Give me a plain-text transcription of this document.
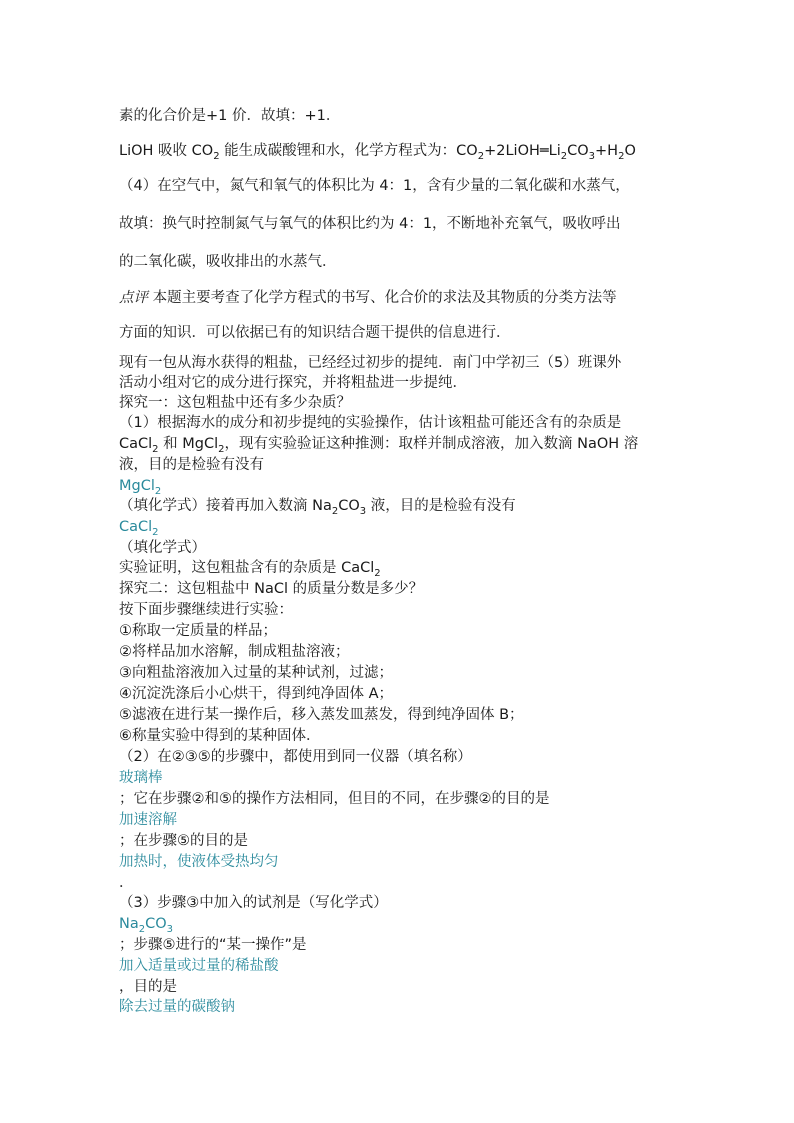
素的化合价是+1 价．故填：+1．
LiOH 吸收 $CO_2$ 能生成碳酸锂和水，化学方程式为：$CO_2+2LiOH═Li_2CO_3+H_2O$
（4）在空气中，氮气和氧气的体积比为 4：1，含有少量的二氧化碳和水蒸气，
故填：换气时控制氮气与氧气的体积比约为 4：1，不断地补充氧气，吸收呼出
的二氧化碳，吸收排出的水蒸气．
点评 本题主要考查了化学方程式的书写、化合价的求法及其物质的分类方法等
方面的知识．可以依据已有的知识结合题干提供的信息进行．
现有一包从海水获得的粗盐，已经经过初步的提纯．南门中学初三（5）班课外
活动小组对它的成分进行探究，并将粗盐进一步提纯．
探究一：这包粗盐中还有多少杂质？
（1）根据海水的成分和初步提纯的实验操作，估计该粗盐可能还含有的杂质是
CaCl$_2$ 和 MgCl$_2$，现有实验验证这种推测：取样并制成溶液，加入数滴 NaOH 溶
液，目的是检验有没有
MgCl$_2$
（填化学式）接着再加入数滴 $Na_2CO_3$ 液，目的是检验有没有
CaCl$_2$
（填化学式）
实验证明，这包粗盐含有的杂质是 CaCl$_2$
探究二：这包粗盐中 NaCl 的质量分数是多少？
按下面步骤继续进行实验：
①称取一定质量的样品；
②将样品加水溶解，制成粗盐溶液；
③向粗盐溶液加入过量的某种试剂，过滤；
④沉淀洗涤后小心烘干，得到纯净固体 A；
⑤滤液在进行某一操作后，移入蒸发皿蒸发，得到纯净固体 B；
⑥称量实验中得到的某种固体．
（2）在②③⑤的步骤中，都使用到同一仪器（填名称）
玻璃棒
；它在步骤②和⑤的操作方法相同，但目的不同，在步骤②的目的是
加速溶解
；在步骤⑤的目的是
加热时，使液体受热均匀
．
（3）步骤③中加入的试剂是（写化学式）
$Na_2CO_3$
；步骤⑤进行的“某一操作”是
加入适量或过量的稀盐酸
，目的是
除去过量的碳酸钠
